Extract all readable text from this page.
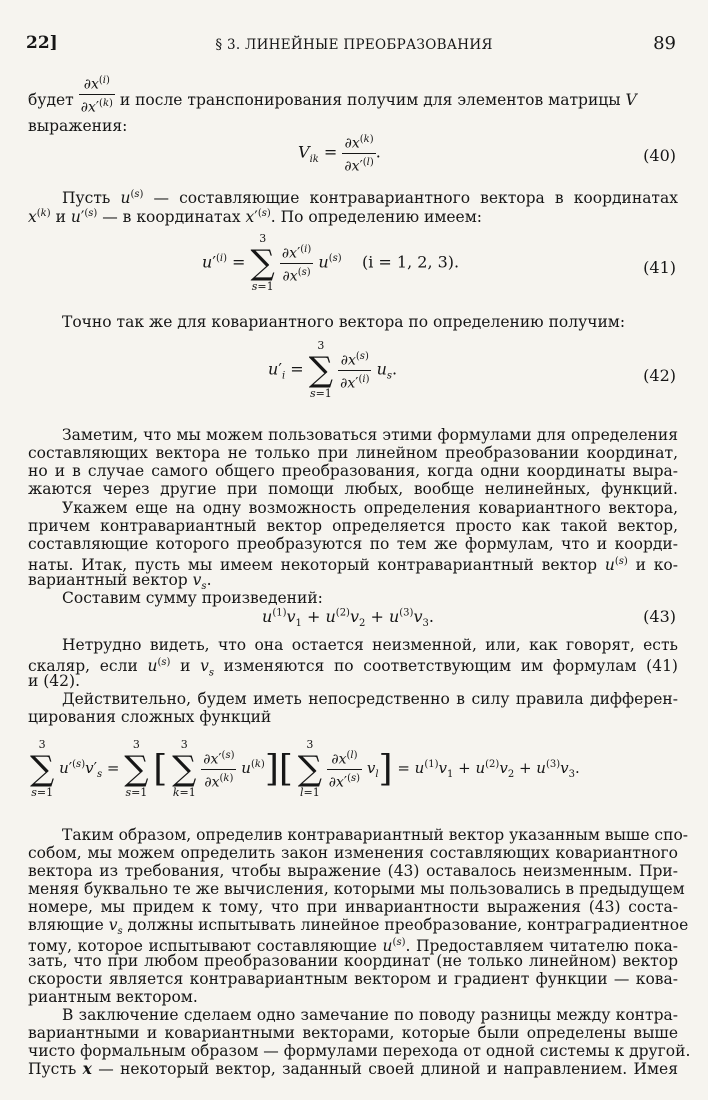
22]	§ 3. ЛИНЕЙНЫЕ ПРЕОБРАЗОВАНИЯ	89
будет $\frac{\partial x^{(i)}}{\partial x'^{(k)}}$ и после транспонирования получим для элементов матрицы V
выражения:
$V_{ik} = \frac{\partial x^{(k)}}{\partial x'^{(l)}}$ .	(40)
Пусть $u^{(s)}$ — составляющие контравариантного вектора в координатах
$x^{(k)}$ и $u'^{(s)}$ — в координатах $x'^{(s)}$. По определению имеем:
$u'^{(i)} = 3$
∑
s=1
$\frac{\partial x'^{(i)}}{\partial x^{(s)}} u^{(s)}$ (i = 1, 2, 3).	(41)
Точно так же для ковариантного вектора по определению получим:
$u'_i = 3$
∑
s=1
$\frac{\partial x^{(s)}}{\partial x'^{(i)}} u_s$.	(42)
Заметим, что мы можем пользоваться этими формулами для определения
составляющих вектора не только при линейном преобразовании координат,
но и в случае самого общего преобразования, когда одни координаты выра-
жаются через другие при помощи любых, вообще нелинейных, функций.
Укажем еще на одну возможность определения ковариантного вектора,
причем контравариантный вектор определяется просто как такой вектор,
составляющие которого преобразуются по тем же формулам, что и коорди-
наты. Итак, пусть мы имеем некоторый контравариантный вектор $u^{(s)}$ и ко-
вариантный вектор $v_s$.
Составим сумму произведений:
$u^{(1)}v_1 + u^{(2)}v_2 + u^{(3)}v_3$.	(43)
Нетрудно видеть, что она остается неизменной, или, как говорят, есть
скаляр, если $u^{(s)}$ и $v_s$ изменяются по соответствующим им формулам (41)
и (42).
Действительно, будем иметь непосредственно в силу правила дифферен-
цирования сложных функций
3
∑
s=1 $u'^{(s)}v'_s = 3$
∑
s=1 [ 3
∑
k=1
$\frac{\partial x'^{(s)}}{\partial x^{(k)}} u^{(k)}$][ 3
∑
l=1
$\frac{\partial x^{(l)}}{\partial x'^{(s)}} v_l] = u^{(1)}v_1 + u^{(2)}v_2 + u^{(3)}v_3$.
Таким образом, определив контравариантный вектор указанным выше спо-
собом, мы можем определить закон изменения составляющих ковариантного
вектора из требования, чтобы выражение (43) оставалось неизменным. При-
меняя буквально те же вычисления, которыми мы пользовались в предыдущем
номере, мы придем к тому, что при инвариантности выражения (43) соста-
вляющие $v_s$ должны испытывать линейное преобразование, контраградиентное
тому, которое испытывают составляющие $u^{(s)}$. Предоставляем читателю пока-
зать, что при любом преобразовании координат (не только линейном) вектор
скорости является контравариантным вектором и градиент функции — кова-
риантным вектором.
В заключение сделаем одно замечание по поводу разницы между контра-
вариантными и ковариантными векторами, которые были определены выше
чисто формальным образом — формулами перехода от одной системы к другой.
Пусть x — некоторый вектор, заданный своей длиной и направлением. Имея
